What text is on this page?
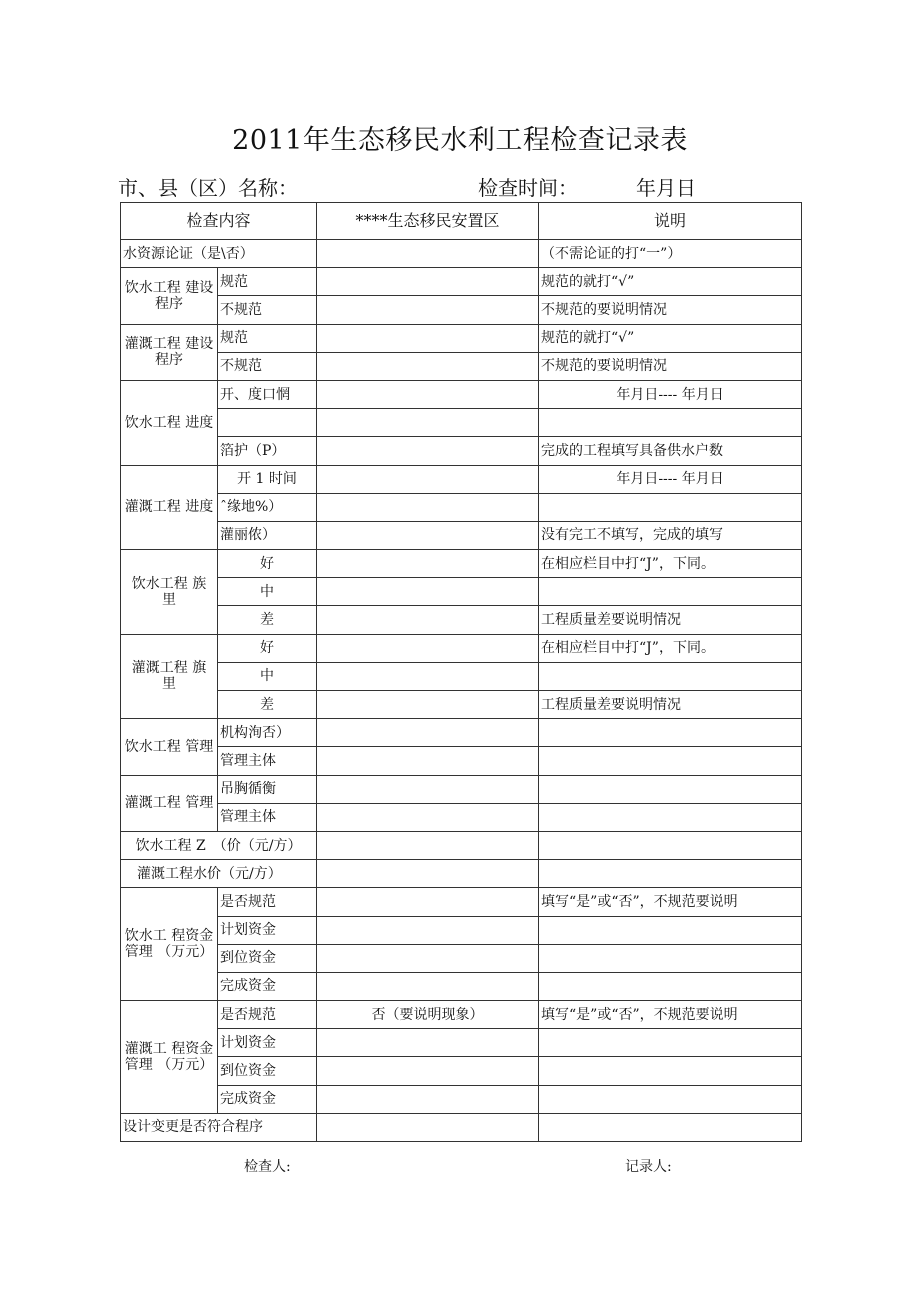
2011年生态移民水利工程检查记录表
市、县（区）名称：	检查时间：	年月日
检查内容		****生态移民安置区	说明
水资源论证（是\否）			（不需论证的打“一”）
饮水工程 建设程序	规范		规范的就打“√”
	不规范		不规范的要说明情况
灌溉工程 建设程序	规范		规范的就打“√”
	不规范		不规范的要说明情况
饮水工程 进度	开、度口惘		年月日---- 年月日

	箔护（P）		完成的工程填写具备供水户数
灌溉工程 进度	开 1 时间		年月日---- 年月日
	ˆ缘地%）		
	灌丽侬）		没有完工不填写，完成的填写
饮水工程 族　　里	好		在相应栏目中打“J”，下同。
	中		
	差		工程质量差要说明情况
灌溉工程 旗　　里	好		在相应栏目中打“J”，下同。
	中		
	差		工程质量差要说明情况
饮水工程 管理	机构洵否）		
	管理主体		
灌溉工程 管理	吊胸循衡		
	管理主体		
饮水工程 Z　（价（元/方）			
灌溉工程水价（元/方）			
饮水工 程资金 管理 （万元）	是否规范		填写“是”或“否”，不规范要说明
	计划资金		
	到位资金		
	完成资金		
灌溉工 程资金 管理 （万元）	是否规范	否（要说明现象）	填写“是”或“否”，不规范要说明
	计划资金		
	到位资金		
	完成资金		
设计变更是否符合程序			
检查人:	记录人:
